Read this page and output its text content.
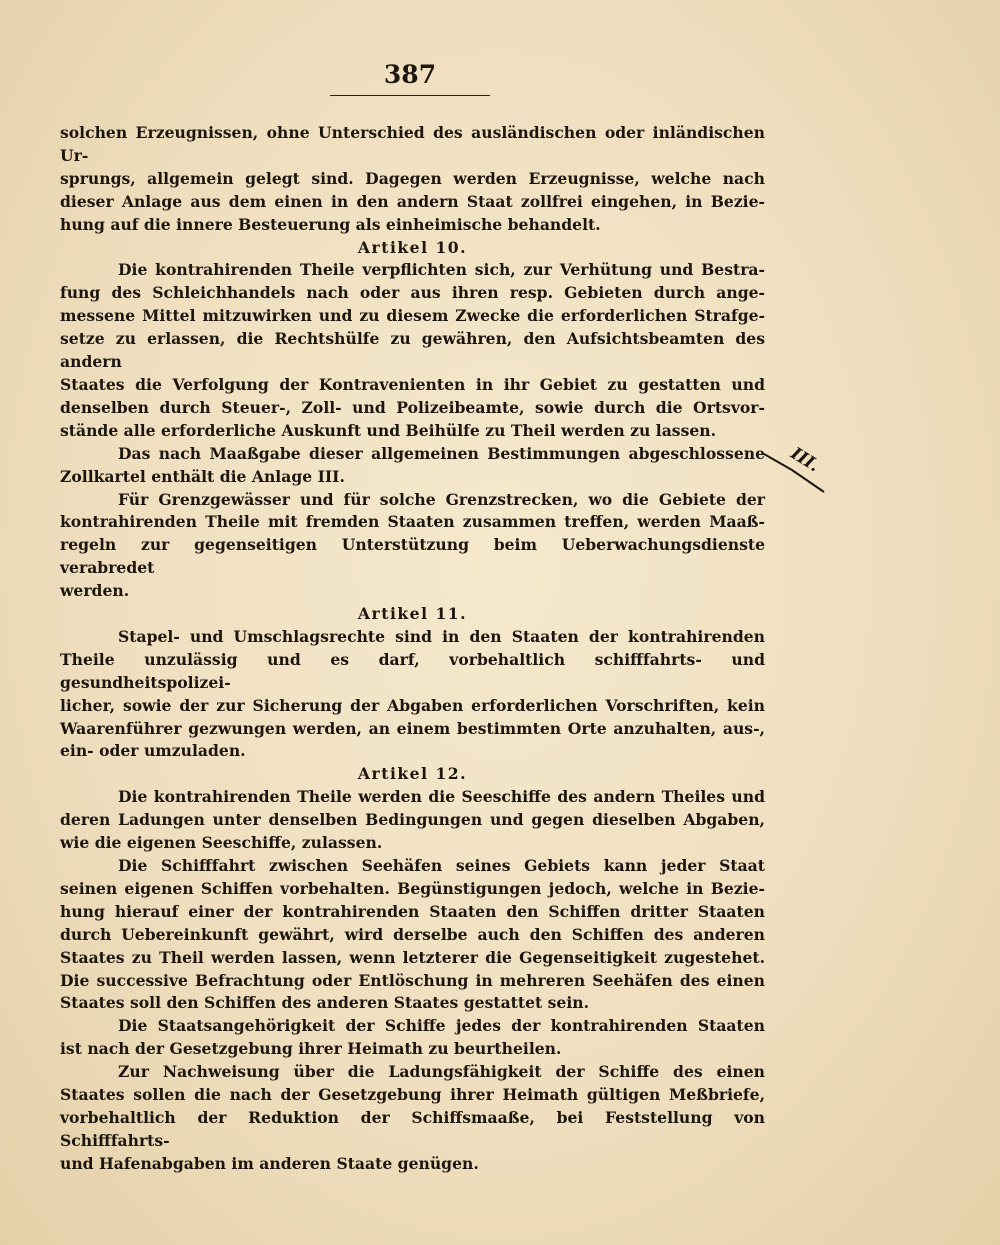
387

solchen Erzeugnissen, ohne Unterschied des ausländischen oder inländischen Ur-
sprungs, allgemein gelegt sind. Dagegen werden Erzeugnisse, welche nach
dieser Anlage aus dem einen in den andern Staat zollfrei eingehen, in Bezie-
hung auf die innere Besteuerung als einheimische behandelt.

Artikel 10.

Die kontrahirenden Theile verpflichten sich, zur Verhütung und Bestra-
fung des Schleichhandels nach oder aus ihren resp. Gebieten durch ange-
messene Mittel mitzuwirken und zu diesem Zwecke die erforderlichen Strafge-
setze zu erlassen, die Rechtshülfe zu gewähren, den Aufsichtsbeamten des andern
Staates die Verfolgung der Kontravenienten in ihr Gebiet zu gestatten und
denselben durch Steuer-, Zoll- und Polizeibeamte, sowie durch die Ortsvor-
stände alle erforderliche Auskunft und Beihülfe zu Theil werden zu lassen.

Das nach Maaßgabe dieser allgemeinen Bestimmungen abgeschlossene
Zollkartel enthält die Anlage III.

Für Grenzgewässer und für solche Grenzstrecken, wo die Gebiete der
kontrahirenden Theile mit fremden Staaten zusammen treffen, werden Maaß-
regeln zur gegenseitigen Unterstützung beim Ueberwachungsdienste verabredet
werden.

Artikel 11.

Stapel- und Umschlagsrechte sind in den Staaten der kontrahirenden
Theile unzulässig und es darf, vorbehaltlich schifffahrts- und gesundheitspolizei-
licher, sowie der zur Sicherung der Abgaben erforderlichen Vorschriften, kein
Waarenführer gezwungen werden, an einem bestimmten Orte anzuhalten, aus-,
ein- oder umzuladen.

Artikel 12.

Die kontrahirenden Theile werden die Seeschiffe des andern Theiles und
deren Ladungen unter denselben Bedingungen und gegen dieselben Abgaben,
wie die eigenen Seeschiffe, zulassen.

Die Schifffahrt zwischen Seehäfen seines Gebiets kann jeder Staat
seinen eigenen Schiffen vorbehalten. Begünstigungen jedoch, welche in Bezie-
hung hierauf einer der kontrahirenden Staaten den Schiffen dritter Staaten
durch Uebereinkunft gewährt, wird derselbe auch den Schiffen des anderen
Staates zu Theil werden lassen, wenn letzterer die Gegenseitigkeit zugestehet.
Die successive Befrachtung oder Entlöschung in mehreren Seehäfen des einen
Staates soll den Schiffen des anderen Staates gestattet sein.

Die Staatsangehörigkeit der Schiffe jedes der kontrahirenden Staaten
ist nach der Gesetzgebung ihrer Heimath zu beurtheilen.

Zur Nachweisung über die Ladungsfähigkeit der Schiffe des einen
Staates sollen die nach der Gesetzgebung ihrer Heimath gültigen Meßbriefe,
vorbehaltlich der Reduktion der Schiffsmaaße, bei Feststellung von Schifffahrts-
und Hafenabgaben im anderen Staate genügen.

III.
